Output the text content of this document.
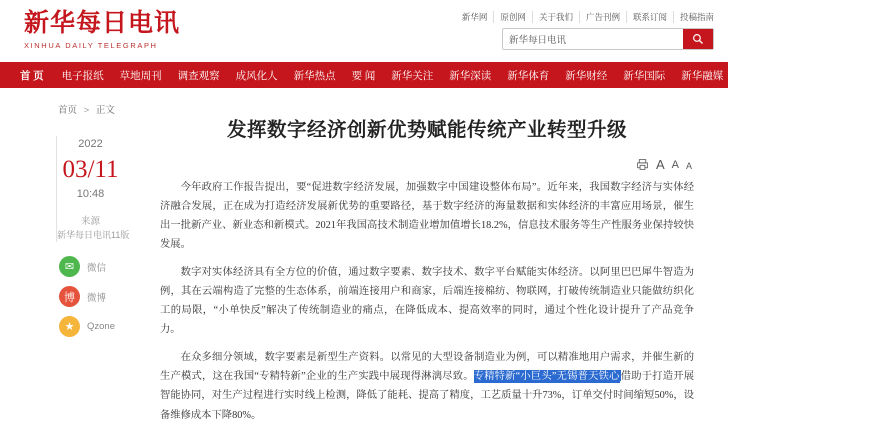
新华每日电讯
XINHUA DAILY TELEGRAPH
新华网	原创网	关于我们	广告刊例	联系订阅	投稿指南
新华每日电讯
首 页	电子报纸	草地周刊	调查观察	成风化人	新华热点	要 闻	新华关注	新华深读	新华体育	新华财经	新华国际	新华融媒	精彩专题	医卫健康	看天下
首页 > 正文
2022
03/11
10:48
来源
新华每日电讯11版
✉	微信
博	微博
★	Qzone
发挥数字经济创新优势赋能传统产业转型升级
A A A

今年政府工作报告提出，要“促进数字经济发展，加强数字中国建设整体布局”。近年来，我国数字经济与实体经济融合发展，正在成为打造经济发展新优势的重要路径，基于数字经济的海量数据和实体经济的丰富应用场景，催生出一批新产业、新业态和新模式。2021年我国高技术制造业增加值增长18.2%，信息技术服务等生产性服务业保持较快发展。

数字对实体经济具有全方位的价值，通过数字要素、数字技术、数字平台赋能实体经济。以阿里巴巴犀牛智造为例，其在云端构造了完整的生态体系，前端连接用户和商家，后端连接棉纺、物联网，打破传统制造业只能做纺织化工的局限，“小单快反”解决了传统制造业的痛点，在降低成本、提高效率的同时，通过个性化设计提升了产品竞争力。

在众多细分领域，数字要素是新型生产资料。以常见的大型设备制造业为例，可以精准地用户需求，并催生新的生产模式，这在我国“专精特新”企业的生产实践中展现得淋漓尽致。专精特新“小巨头”无锡普天铁心借助于打造开展智能协同，对生产过程进行实时线上检测，降低了能耗、提高了精度，工艺质量十升73%，订单交付时间缩短50%，设备维修成本下降80%。
